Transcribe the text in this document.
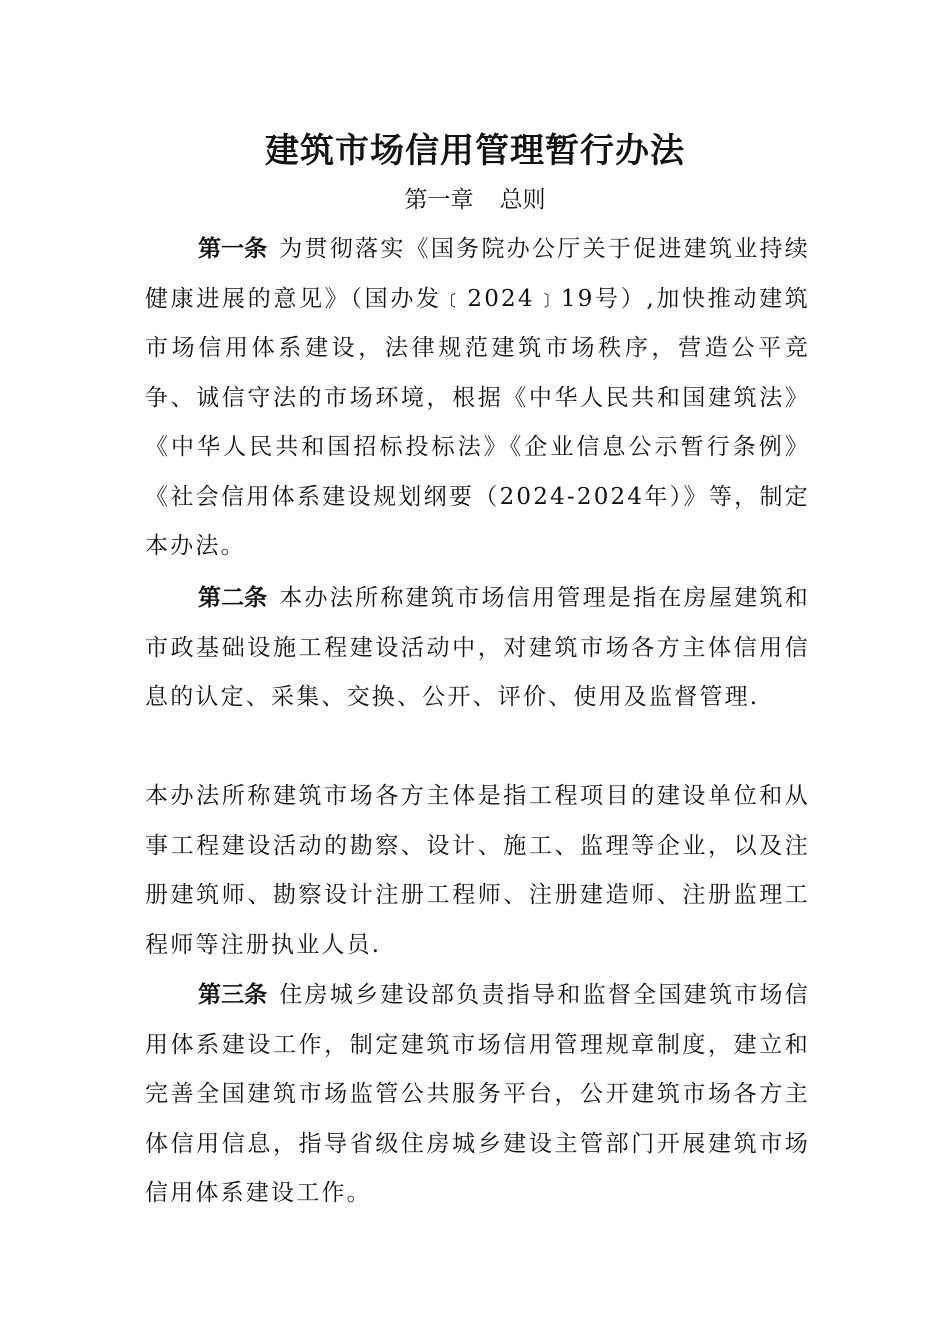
建筑市场信用管理暂行办法
第一章 总则

第一条 为贯彻落实《国务院办公厅关于促进建筑业持续健康进展的意见》（国办发﹝2024﹞19号）,加快推动建筑市场信用体系建设，法律规范建筑市场秩序，营造公平竞争、诚信守法的市场环境，根据《中华人民共和国建筑法》《中华人民共和国招标投标法》《企业信息公示暂行条例》《社会信用体系建设规划纲要（2024-2024年）》等，制定本办法。

第二条 本办法所称建筑市场信用管理是指在房屋建筑和市政基础设施工程建设活动中，对建筑市场各方主体信用信息的认定、采集、交换、公开、评价、使用及监督管理.

本办法所称建筑市场各方主体是指工程项目的建设单位和从事工程建设活动的勘察、设计、施工、监理等企业，以及注册建筑师、勘察设计注册工程师、注册建造师、注册监理工程师等注册执业人员.

第三条 住房城乡建设部负责指导和监督全国建筑市场信用体系建设工作，制定建筑市场信用管理规章制度，建立和完善全国建筑市场监管公共服务平台，公开建筑市场各方主体信用信息，指导省级住房城乡建设主管部门开展建筑市场信用体系建设工作。
